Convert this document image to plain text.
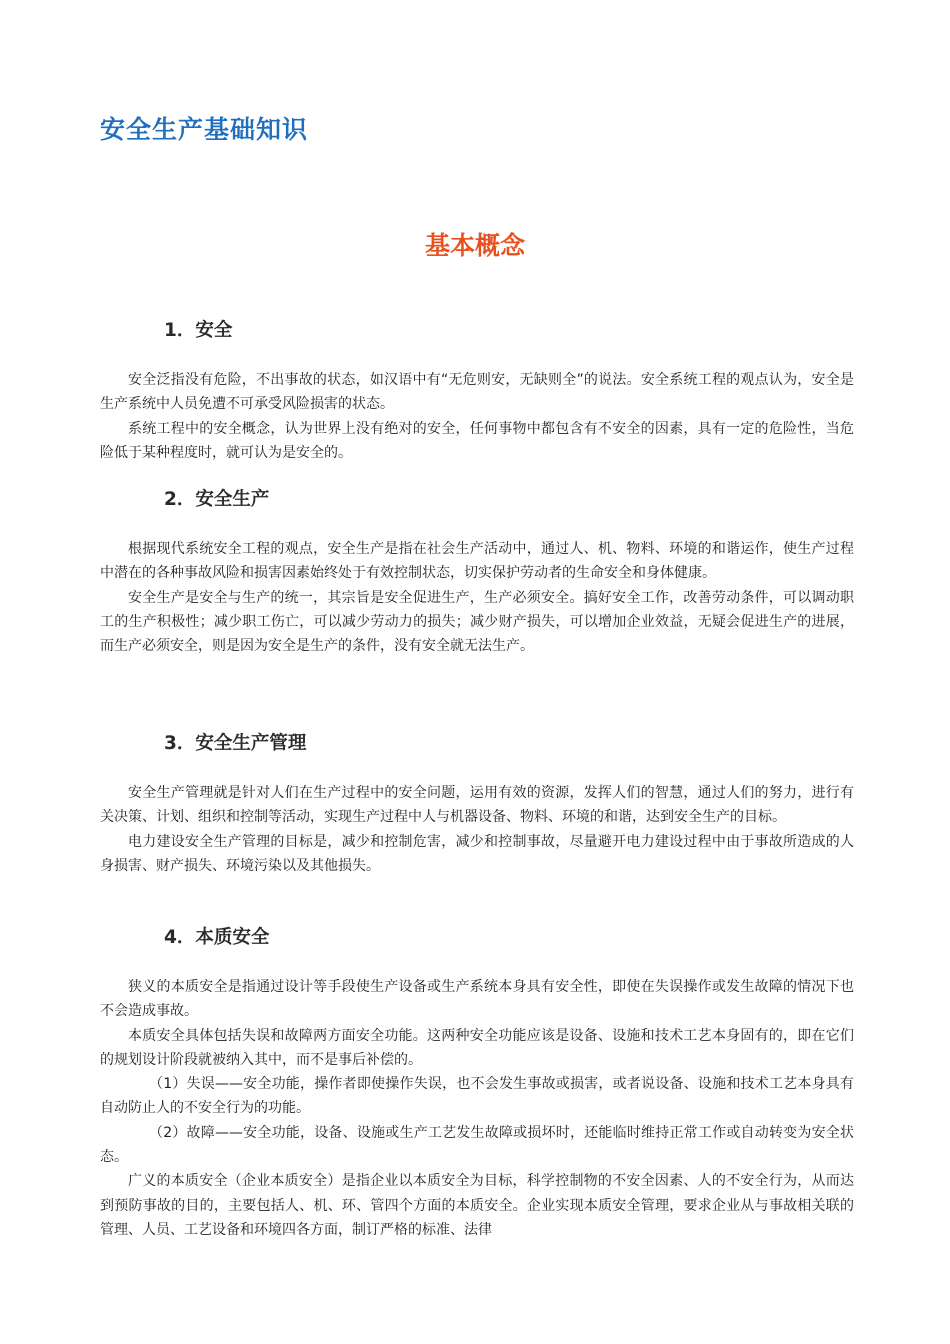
安全生产基础知识
基本概念
1．安全

安全泛指没有危险，不出事故的状态，如汉语中有“无危则安，无缺则全”的说法。安全系统工程的观点认为，安全是生产系统中人员免遭不可承受风险损害的状态。

系统工程中的安全概念，认为世界上没有绝对的安全，任何事物中都包含有不安全的因素，具有一定的危险性，当危险低于某种程度时，就可认为是安全的。

2．安全生产

根据现代系统安全工程的观点，安全生产是指在社会生产活动中，通过人、机、物料、环境的和谐运作，使生产过程中潜在的各种事故风险和损害因素始终处于有效控制状态，切实保护劳动者的生命安全和身体健康。

安全生产是安全与生产的统一，其宗旨是安全促进生产，生产必须安全。搞好安全工作，改善劳动条件，可以调动职工的生产积极性；减少职工伤亡，可以减少劳动力的损失；减少财产损失，可以增加企业效益，无疑会促进生产的进展，而生产必须安全，则是因为安全是生产的条件，没有安全就无法生产。

3．安全生产管理

安全生产管理就是针对人们在生产过程中的安全问题，运用有效的资源，发挥人们的智慧，通过人们的努力，进行有关决策、计划、组织和控制等活动，实现生产过程中人与机器设备、物料、环境的和谐，达到安全生产的目标。

电力建设安全生产管理的目标是，减少和控制危害，减少和控制事故，尽量避开电力建设过程中由于事故所造成的人身损害、财产损失、环境污染以及其他损失。

4．本质安全

狭义的本质安全是指通过设计等手段使生产设备或生产系统本身具有安全性，即使在失误操作或发生故障的情况下也不会造成事故。

本质安全具体包括失误和故障两方面安全功能。这两种安全功能应该是设备、设施和技术工艺本身固有的，即在它们的规划设计阶段就被纳入其中，而不是事后补偿的。

（1）失误——安全功能，操作者即使操作失误，也不会发生事故或损害，或者说设备、设施和技术工艺本身具有自动防止人的不安全行为的功能。

（2）故障——安全功能，设备、设施或生产工艺发生故障或损坏时，还能临时维持正常工作或自动转变为安全状态。

广义的本质安全（企业本质安全）是指企业以本质安全为目标，科学控制物的不安全因素、人的不安全行为，从而达到预防事故的目的，主要包括人、机、环、管四个方面的本质安全。企业实现本质安全管理，要求企业从与事故相关联的管理、人员、工艺设备和环境四各方面，制订严格的标准、法律
